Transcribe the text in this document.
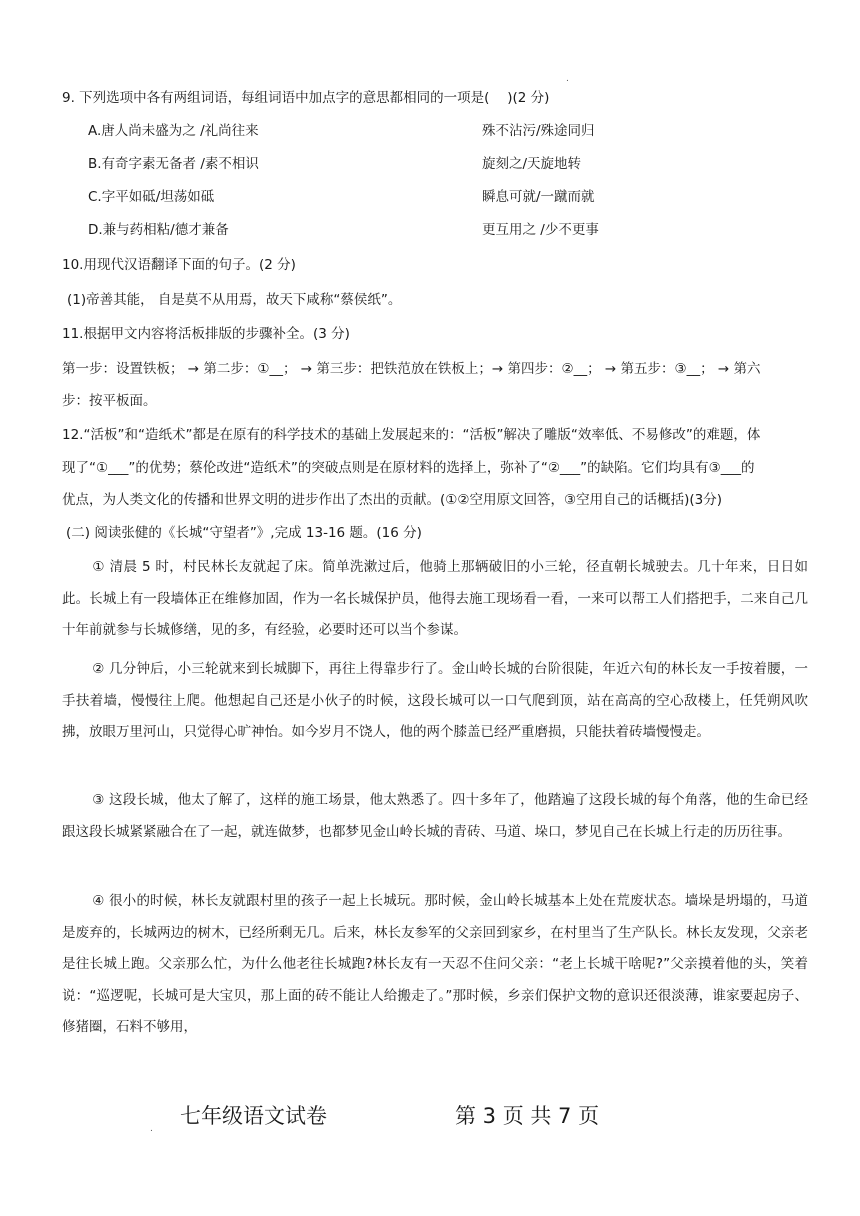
.
9. 下列选项中各有两组词语，每组词语中加点字的意思都相同的一项是(　 )(2 分)
A.唐人尚未盛为之 /礼尚往来	殊不沾污/殊途同归
B.有奇字素无备者 /素不相识	旋刻之/天旋地转
C.字平如砥/坦荡如砥	瞬息可就/一蹴而就
D.兼与药相粘/德才兼备	更互用之 /少不更事
10.用现代汉语翻译下面的句子。(2 分)
(1)帝善其能， 自是莫不从用焉，故天下咸称“蔡侯纸”。
11.根据甲文内容将活板排版的步骤补全。(3 分)
第一步：设置铁板； → 第二步：①__； → 第三步：把铁范放在铁板上；→ 第四步：②__； → 第五步：③__； → 第六
步：按平板面。
12.“活板”和“造纸术”都是在原有的科学技术的基础上发展起来的：“活板”解决了雕版“效率低、不易修改”的难题，体
现了“①___”的优势；蔡伦改进“造纸术”的突破点则是在原材料的选择上，弥补了“②___”的缺陷。它们均具有③___的
优点，为人类文化的传播和世界文明的进步作出了杰出的贡献。(①②空用原文回答，③空用自己的话概括)(3分)
(二) 阅读张健的《长城“守望者”》,完成 13-16 题。(16 分)
① 清晨 5 时，村民林长友就起了床。简单洗漱过后，他骑上那辆破旧的小三轮，径直朝长城驶去。几十年来，日日如此。长城上有一段墙体正在维修加固，作为一名长城保护员，他得去施工现场看一看，一来可以帮工人们搭把手，二来自己几十年前就参与长城修缮，见的多，有经验，必要时还可以当个参谋。
② 几分钟后，小三轮就来到长城脚下，再往上得靠步行了。金山岭长城的台阶很陡，年近六旬的林长友一手按着腰，一手扶着墙，慢慢往上爬。他想起自己还是小伙子的时候，这段长城可以一口气爬到顶，站在高高的空心敌楼上，任凭朔风吹拂，放眼万里河山，只觉得心旷神怡。如今岁月不饶人，他的两个膝盖已经严重磨损，只能扶着砖墙慢慢走。
③ 这段长城，他太了解了，这样的施工场景，他太熟悉了。四十多年了，他踏遍了这段长城的每个角落，他的生命已经跟这段长城紧紧融合在了一起，就连做梦，也都梦见金山岭长城的青砖、马道、垛口，梦见自己在长城上行走的历历往事。
④ 很小的时候，林长友就跟村里的孩子一起上长城玩。那时候，金山岭长城基本上处在荒废状态。墙垛是坍塌的，马道是废弃的，长城两边的树木，已经所剩无几。后来，林长友参军的父亲回到家乡，在村里当了生产队长。林长友发现，父亲老是往长城上跑。父亲那么忙，为什么他老往长城跑?林长友有一天忍不住问父亲：“老上长城干啥呢?”父亲摸着他的头，笑着说：“巡逻呢，长城可是大宝贝，那上面的砖不能让人给搬走了。”那时候，乡亲们保护文物的意识还很淡薄，谁家要起房子、修猪圈，石料不够用，
七年级语文试卷	第 3 页 共 7 页
.
